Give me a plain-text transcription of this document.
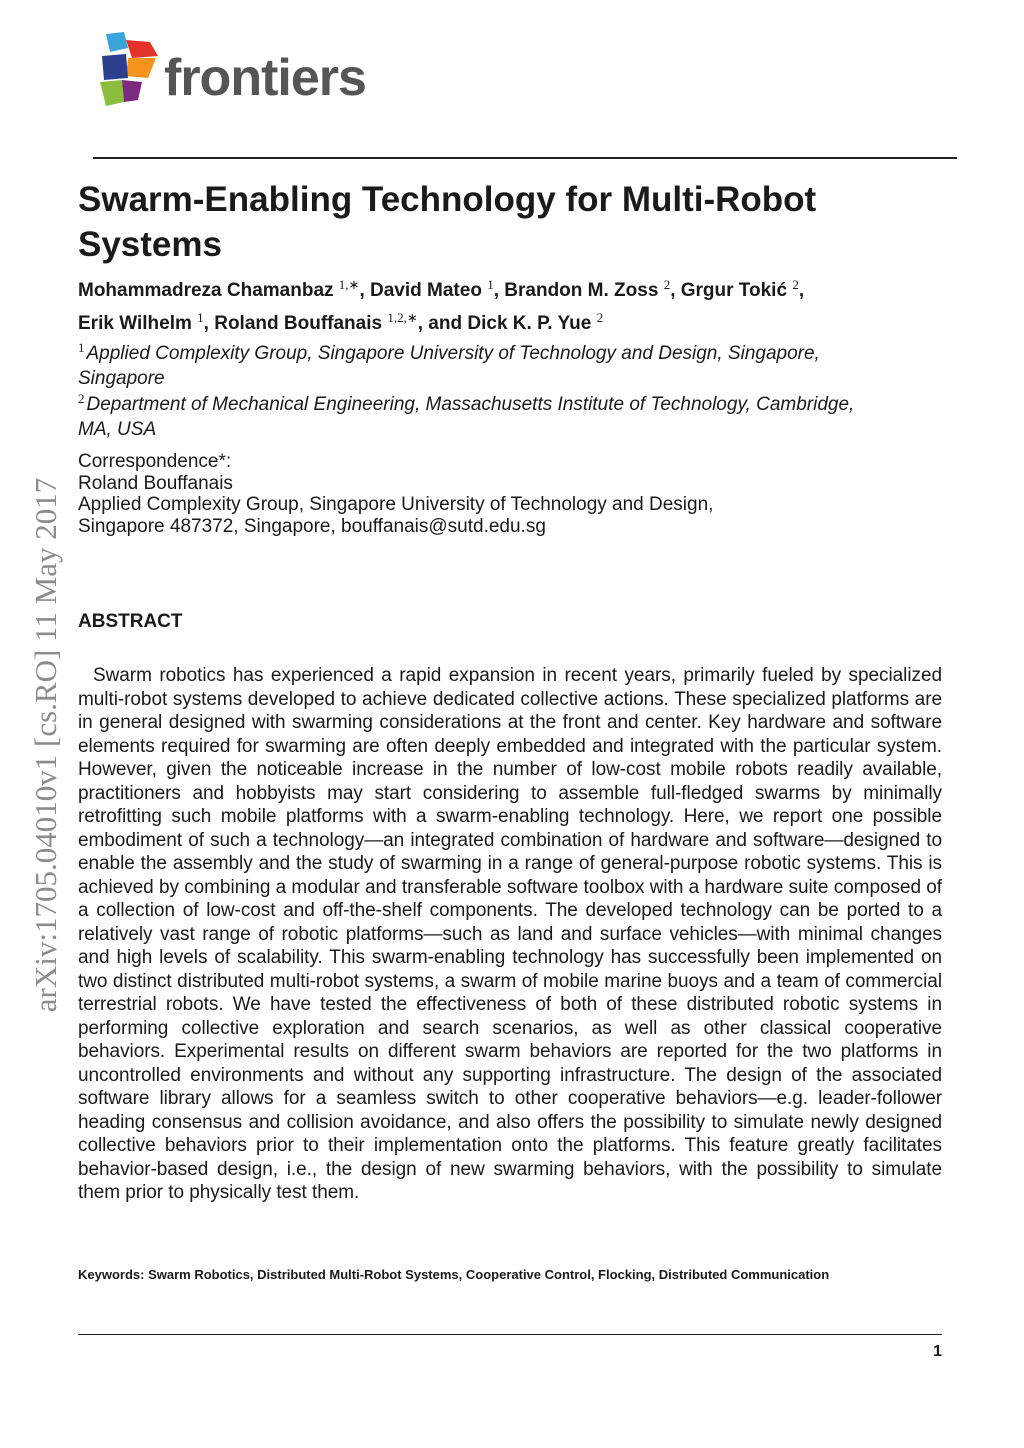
frontiers
arXiv:1705.04010v1 [cs.RO] 11 May 2017
Swarm-Enabling Technology for Multi-Robot Systems
Mohammadreza Chamanbaz $^{1,∗}$, David Mateo $^1$, Brandon M. Zoss $^2$, Grgur Tokić $^2$, Erik Wilhelm $^1$, Roland Bouffanais $^{1,2,∗}$, and Dick K. P. Yue $^2$
$^1$ Applied Complexity Group, Singapore University of Technology and Design, Singapore, Singapore
$^2$ Department of Mechanical Engineering, Massachusetts Institute of Technology, Cambridge, MA, USA
Correspondence*:
Roland Bouffanais
Applied Complexity Group, Singapore University of Technology and Design,
Singapore 487372, Singapore, bouffanais@sutd.edu.sg
ABSTRACT

Swarm robotics has experienced a rapid expansion in recent years, primarily fueled by specialized multi-robot systems developed to achieve dedicated collective actions. These specialized platforms are in general designed with swarming considerations at the front and center. Key hardware and software elements required for swarming are often deeply embedded and integrated with the particular system. However, given the noticeable increase in the number of low-cost mobile robots readily available, practitioners and hobbyists may start considering to assemble full-fledged swarms by minimally retrofitting such mobile platforms with a swarm-enabling technology. Here, we report one possible embodiment of such a technology—an integrated combination of hardware and software—designed to enable the assembly and the study of swarming in a range of general-purpose robotic systems. This is achieved by combining a modular and transferable software toolbox with a hardware suite composed of a collection of low-cost and off-the-shelf components. The developed technology can be ported to a relatively vast range of robotic platforms—such as land and surface vehicles—with minimal changes and high levels of scalability. This swarm-enabling technology has successfully been implemented on two distinct distributed multi-robot systems, a swarm of mobile marine buoys and a team of commercial terrestrial robots. We have tested the effectiveness of both of these distributed robotic systems in performing collective exploration and search scenarios, as well as other classical cooperative behaviors. Experimental results on different swarm behaviors are reported for the two platforms in uncontrolled environments and without any supporting infrastructure. The design of the associated software library allows for a seamless switch to other cooperative behaviors—e.g. leader-follower heading consensus and collision avoidance, and also offers the possibility to simulate newly designed collective behaviors prior to their implementation onto the platforms. This feature greatly facilitates behavior-based design, i.e., the design of new swarming behaviors, with the possibility to simulate them prior to physically test them.

Keywords: Swarm Robotics, Distributed Multi-Robot Systems, Cooperative Control, Flocking, Distributed Communication

1
